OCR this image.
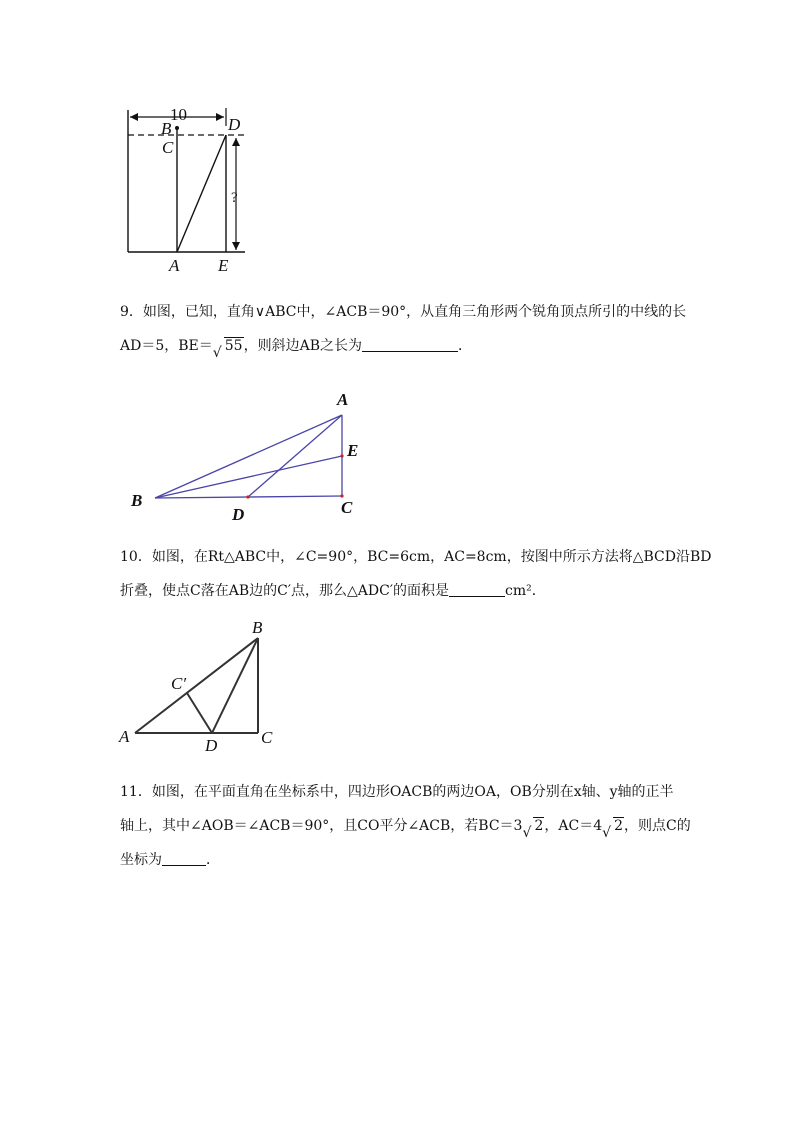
10
?
B
C
D
A E
9．如图，已知，直角∨ABC中，∠ACB＝90°，从直角三角形两个锐角顶点所引的中线的长
AD＝5，BE＝ √ 55，则斜边AB之长为	．
A
B	C
D
E
10．如图，在Rt△ABC中，∠C=90°，BC=6cm，AC=8cm，按图中所示方法将△BCD沿BD
折叠，使点C落在AB边的C′点，那么△ADC′的面积是	cm²．
A
B
C
C′
D
11．如图，在平面直角在坐标系中，四边形OACB的两边OA，OB分别在x轴、y轴的正半
轴上，其中∠AOB＝∠ACB＝90°，且CO平分∠ACB，若BC＝3 √ 2，AC＝4 √ 2，则点C的
坐标为	．
